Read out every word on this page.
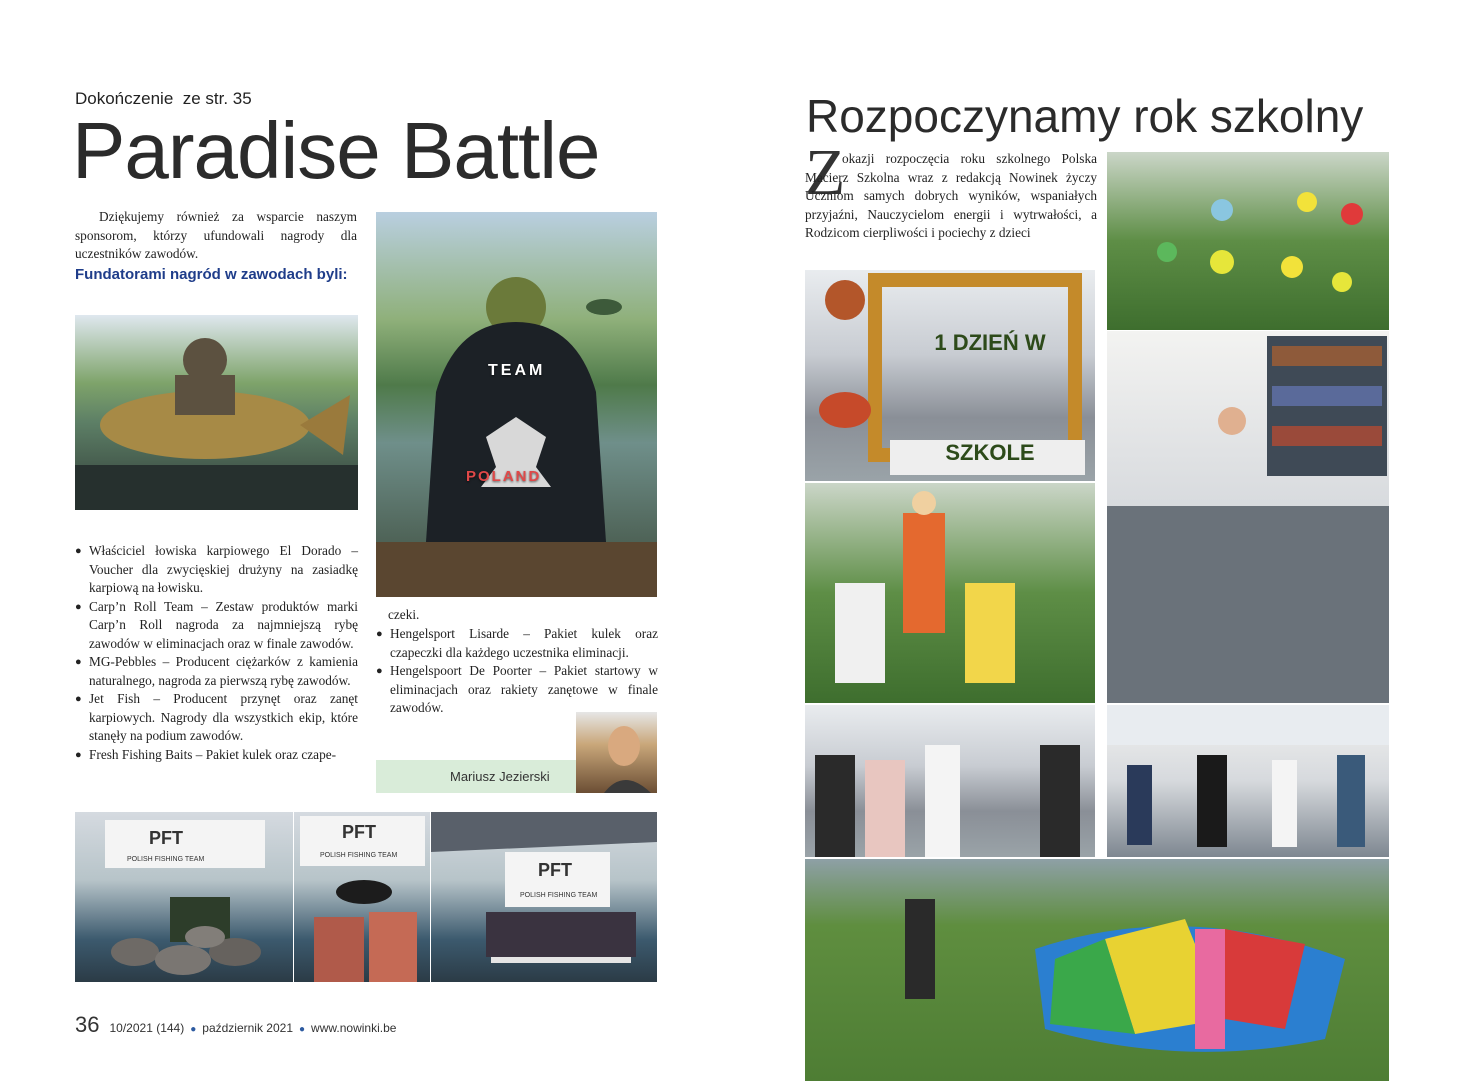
Dokończenie  ze str. 35
Paradise Battle

Dziękujemy również za wsparcie naszym sponsorom, którzy ufundowali nagrody dla uczestników zawodów.

Fundatorami nagród w zawodach byli:
TEAM
POLAND
● Właściciel łowiska karpiowego El Dorado – Voucher dla zwycięskiej drużyny na zasiadkę karpiową na łowisku.
● Carp’n Roll Team – Zestaw produktów marki Carp’n Roll nagroda za najmniejszą rybę zawodów w eliminacjach oraz w finale zawodów.
● MG-Pebbles – Producent ciężarków z kamienia naturalnego, nagroda za pierwszą rybę zawodów.
● Jet Fish – Producent przynęt oraz zanęt karpiowych. Nagrody dla wszystkich ekip, które stanęły na podium zawodów.
● Fresh Fishing Baits – Pakiet kulek oraz czape-
czeki.
● Hengelsport Lisarde – Pakiet kulek oraz czapeczki dla każdego uczestnika eliminacji.
● Hengelspoort De Poorter – Pakiet startowy w eliminacjach oraz rakiety zanętowe w finale zawodów.
Mariusz Jezierski
PFT
POLISH FISHING TEAM
PFT
POLISH FISHING TEAM
PFT
POLISH FISHING TEAM
36 10/2021 (144) ● październik 2021 ● www.nowinki.be
Rozpoczynamy rok szkolny
Z

okazji rozpoczęcia roku szkolnego Polska Macierz Szkolna wraz z redakcją Nowinek życzy Uczniom samych dobrych wyników, wspaniałych przyjaźni, Nauczycielom energii i wytrwałości, a Rodzicom cierpliwości i pociechy z dzieci

1 DZIEŃ W SZKOLE
